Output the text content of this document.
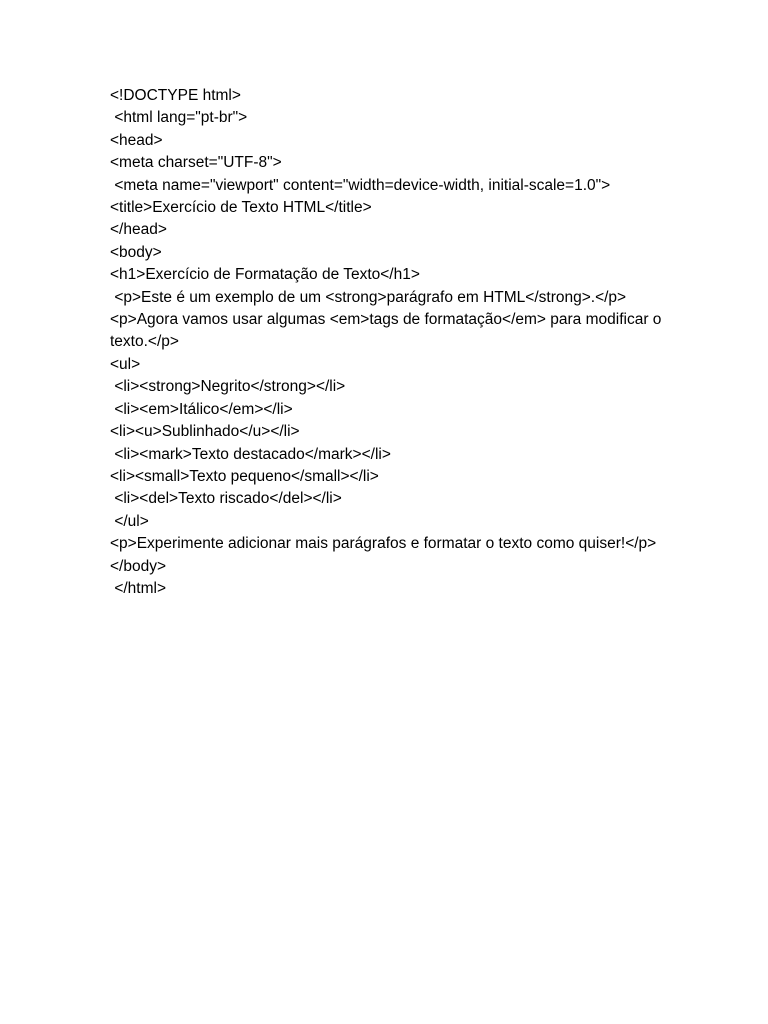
<!DOCTYPE html>

<html lang="pt-br">

<head>

<meta charset="UTF-8">

<meta name="viewport" content="width=device-width, initial-scale=1.0">

<title>Exercício de Texto HTML</title>

</head>

<body>

<h1>Exercício de Formatação de Texto</h1>

<p>Este é um exemplo de um <strong>parágrafo em HTML</strong>.</p>

<p>Agora vamos usar algumas <em>tags de formatação</em> para modificar o texto.</p>

<ul>

<li><strong>Negrito</strong></li>

<li><em>Itálico</em></li>

<li><u>Sublinhado</u></li>

<li><mark>Texto destacado</mark></li>

<li><small>Texto pequeno</small></li>

<li><del>Texto riscado</del></li>

</ul>

<p>Experimente adicionar mais parágrafos e formatar o texto como quiser!</p>

</body>

</html>
